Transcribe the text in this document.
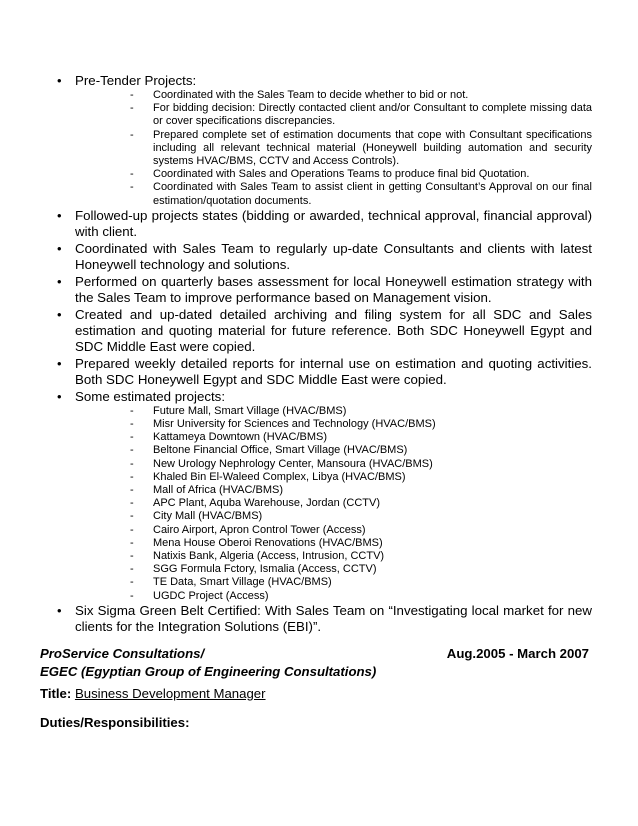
• Pre-Tender Projects:
- Coordinated with the Sales Team to decide whether to bid or not.
- For bidding decision: Directly contacted client and/or Consultant to complete missing data or cover specifications discrepancies.
- Prepared complete set of estimation documents that cope with Consultant specifications including all relevant technical material (Honeywell building automation and security systems HVAC/BMS, CCTV and Access Controls).
- Coordinated with Sales and Operations Teams to produce final bid Quotation.
- Coordinated with Sales Team to assist client in getting Consultant’s Approval on our final estimation/quotation documents.
• Followed-up projects states (bidding or awarded, technical approval, financial approval) with client.
• Coordinated with Sales Team to regularly up-date Consultants and clients with latest Honeywell technology and solutions.
• Performed on quarterly bases assessment for local Honeywell estimation strategy with the Sales Team to improve performance based on Management vision.
• Created and up-dated detailed archiving and filing system for all SDC and Sales estimation and quoting material for future reference. Both SDC Honeywell Egypt and SDC Middle East were copied.
• Prepared weekly detailed reports for internal use on estimation and quoting activities. Both SDC Honeywell Egypt and SDC Middle East were copied.
• Some estimated projects:
- Future Mall, Smart Village (HVAC/BMS)
- Misr University for Sciences and Technology (HVAC/BMS)
- Kattameya Downtown (HVAC/BMS)
- Beltone Financial Office, Smart Village (HVAC/BMS)
- New Urology Nephrology Center, Mansoura (HVAC/BMS)
- Khaled Bin El-Waleed Complex, Libya (HVAC/BMS)
- Mall of Africa (HVAC/BMS)
- APC Plant, Aquba Warehouse, Jordan (CCTV)
- City Mall (HVAC/BMS)
- Cairo Airport, Apron Control Tower (Access)
- Mena House Oberoi Renovations (HVAC/BMS)
- Natixis Bank, Algeria (Access, Intrusion, CCTV)
- SGG Formula Fctory, Ismalia (Access, CCTV)
- TE Data, Smart Village (HVAC/BMS)
- UGDC Project (Access)
• Six Sigma Green Belt Certified: With Sales Team on “Investigating local market for new clients for the Integration Solutions (EBI)”.
ProService Consultations/
EGEC (Egyptian Group of Engineering Consultations)
Aug.2005 - March 2007
Title: Business Development Manager
Duties/Responsibilities:
